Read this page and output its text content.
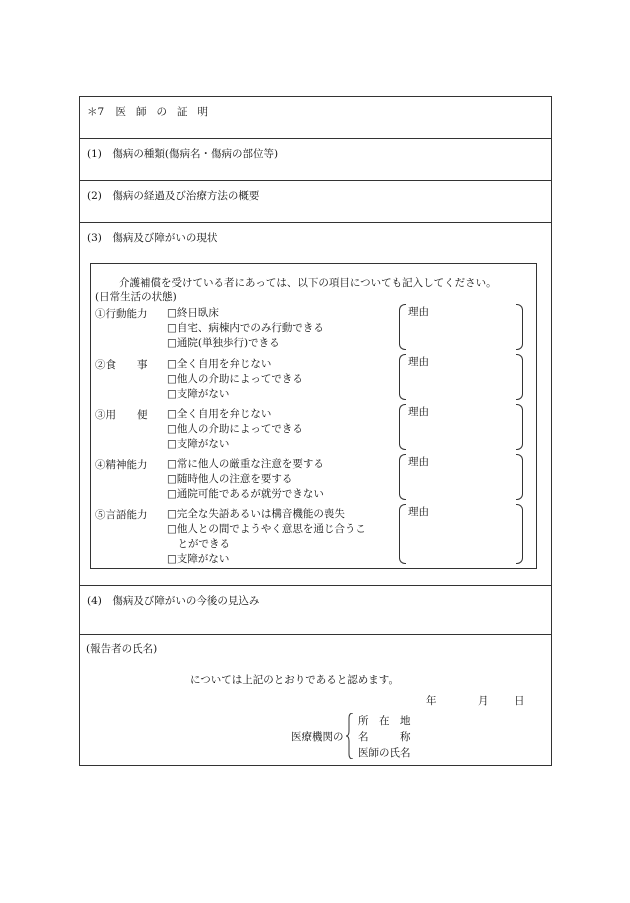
＊7 医師の証明
(1)　傷病の種類(傷病名・傷病の部位等)
(2)　傷病の経過及び治療方法の概要
(3)　傷病及び障がいの現状
(4)　傷病及び障がいの今後の見込み
介護補償を受けている者にあっては、以下の項目についても記入してください。
(日常生活の状態)
①行動能力 □終日臥床
□自宅、病棟内でのみ行動できる
□通院(単独歩行)できる
理由
②食　　事 □全く自用を弁じない
□他人の介助によってできる
□支障がない
理由
③用　　便 □全く自用を弁じない
□他人の介助によってできる
□支障がない
理由
④精神能力 □常に他人の厳重な注意を要する
□随時他人の注意を要する
□通院可能であるが就労できない
理由
⑤言語能力 □完全な失語あるいは構音機能の喪失
□他人との間でようやく意思を通じ合うこ
　とができる
□支障がない
理由
(報告者の氏名)
については上記のとおりであると認めます。
年	月 日
医療機関の
所　在　地
名　　　称
医師の氏名
